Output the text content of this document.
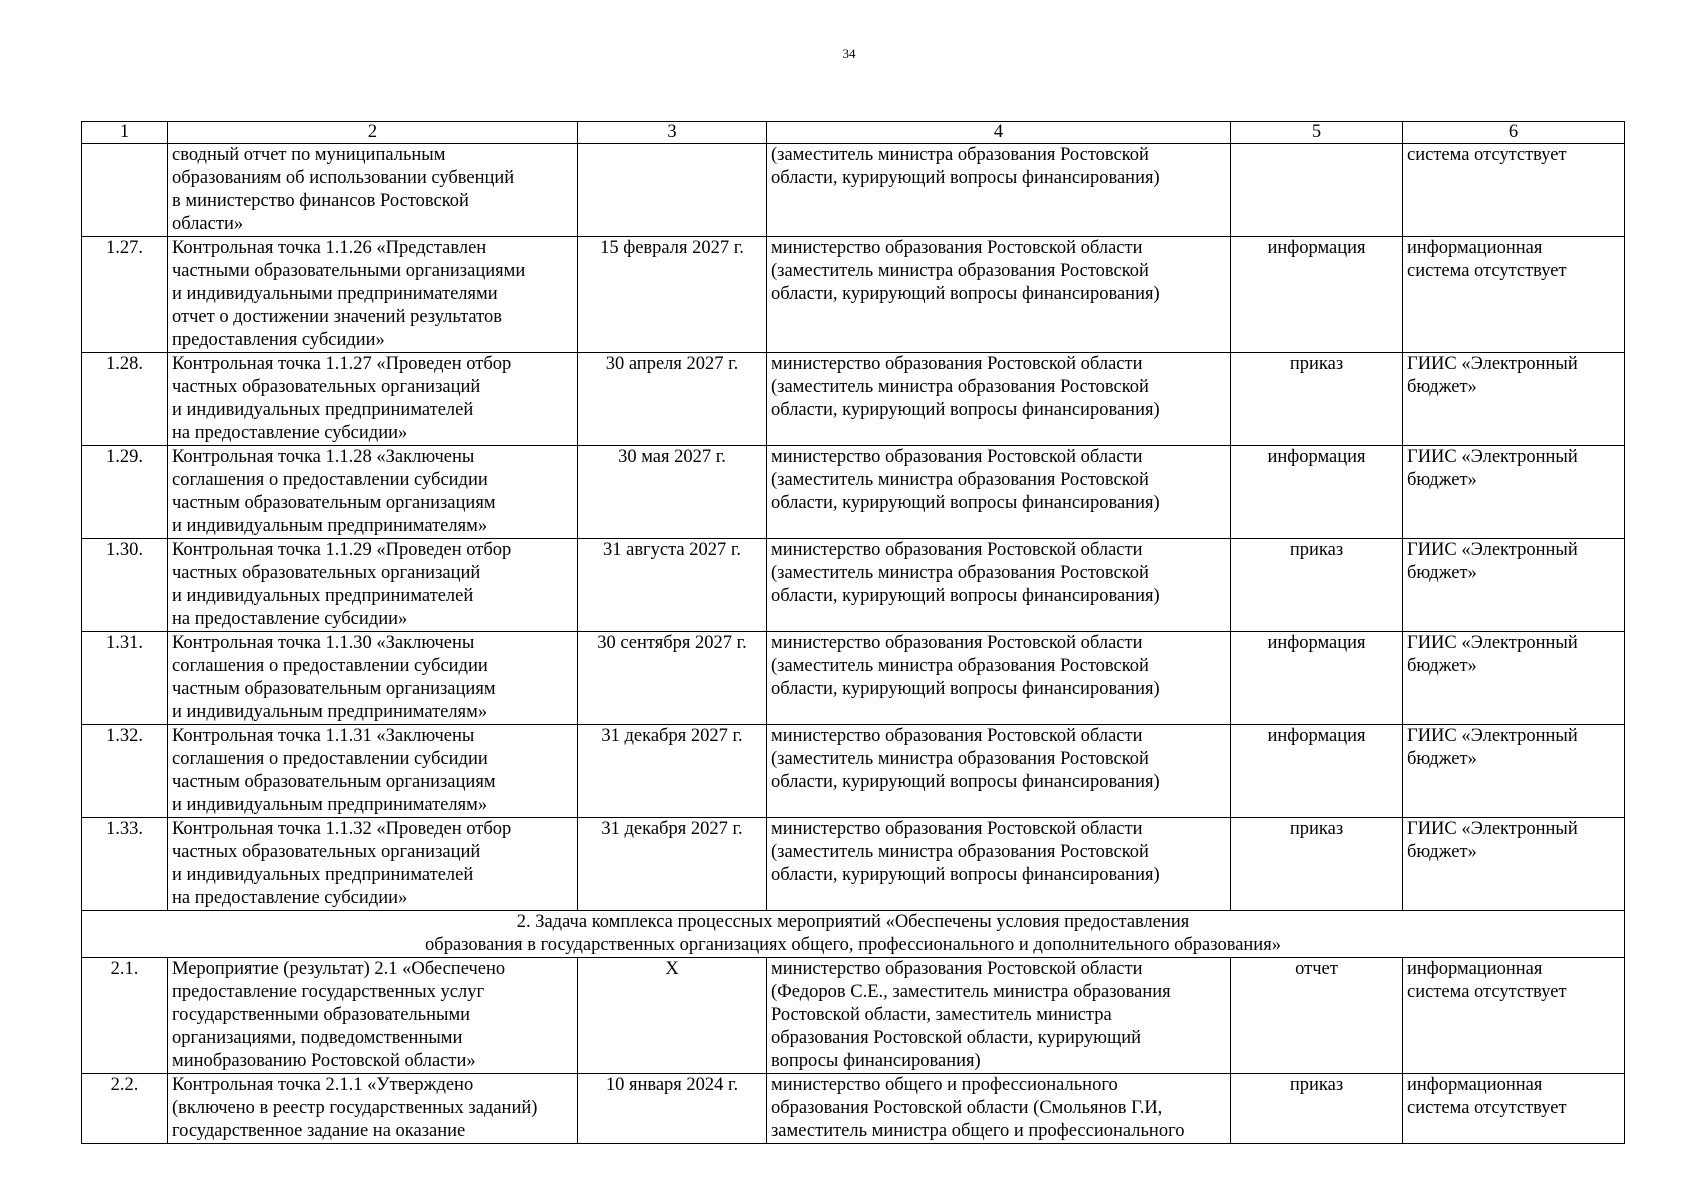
34
1	2	3	4	5	6

	сводный отчет по муниципальным
образованиям об использовании субвенций
в министерство финансов Ростовской
области»		(заместитель министра образования Ростовской
области, курирующий вопросы финансирования)		система отсутствует

1.27.	Контрольная точка 1.1.26 «Представлен
частными образовательными организациями
и индивидуальными предпринимателями
отчет о достижении значений результатов
предоставления субсидии»	15 февраля 2027 г.	министерство образования Ростовской области
(заместитель министра образования Ростовской
области, курирующий вопросы финансирования)	информация	информационная
система отсутствует

1.28.	Контрольная точка 1.1.27 «Проведен отбор
частных образовательных организаций
и индивидуальных предпринимателей
на предоставление субсидии»	30 апреля 2027 г.	министерство образования Ростовской области
(заместитель министра образования Ростовской
области, курирующий вопросы финансирования)	приказ	ГИИС «Электронный
бюджет»

1.29.	Контрольная точка 1.1.28 «Заключены
соглашения о предоставлении субсидии
частным образовательным организациям
и индивидуальным предпринимателям»	30 мая 2027 г.	министерство образования Ростовской области
(заместитель министра образования Ростовской
области, курирующий вопросы финансирования)	информация	ГИИС «Электронный
бюджет»

1.30.	Контрольная точка 1.1.29 «Проведен отбор
частных образовательных организаций
и индивидуальных предпринимателей
на предоставление субсидии»	31 августа 2027 г.	министерство образования Ростовской области
(заместитель министра образования Ростовской
области, курирующий вопросы финансирования)	приказ	ГИИС «Электронный
бюджет»

1.31.	Контрольная точка 1.1.30 «Заключены
соглашения о предоставлении субсидии
частным образовательным организациям
и индивидуальным предпринимателям»	30 сентября 2027 г.	министерство образования Ростовской области
(заместитель министра образования Ростовской
области, курирующий вопросы финансирования)	информация	ГИИС «Электронный
бюджет»

1.32.	Контрольная точка 1.1.31 «Заключены
соглашения о предоставлении субсидии
частным образовательным организациям
и индивидуальным предпринимателям»	31 декабря 2027 г.	министерство образования Ростовской области
(заместитель министра образования Ростовской
области, курирующий вопросы финансирования)	информация	ГИИС «Электронный
бюджет»

1.33.	Контрольная точка 1.1.32 «Проведен отбор
частных образовательных организаций
и индивидуальных предпринимателей
на предоставление субсидии»	31 декабря 2027 г.	министерство образования Ростовской области
(заместитель министра образования Ростовской
области, курирующий вопросы финансирования)	приказ	ГИИС «Электронный
бюджет»

2. Задача комплекса процессных мероприятий «Обеспечены условия предоставления
образования в государственных организациях общего, профессионального и дополнительного образования»					

2.1.	Мероприятие (результат) 2.1 «Обеспечено
предоставление государственных услуг
государственными образовательными
организациями, подведомственными
минобразованию Ростовской области»	Х	министерство образования Ростовской области
(Федоров С.Е., заместитель министра образования
Ростовской области, заместитель министра
образования Ростовской области, курирующий
вопросы финансирования)	отчет	информационная
система отсутствует

2.2.	Контрольная точка 2.1.1 «Утверждено
(включено в реестр государственных заданий)
государственное задание на оказание	10 января 2024 г.	министерство общего и профессионального
образования Ростовской области (Смольянов Г.И,
заместитель министра общего и профессионального	приказ	информационная
система отсутствует
